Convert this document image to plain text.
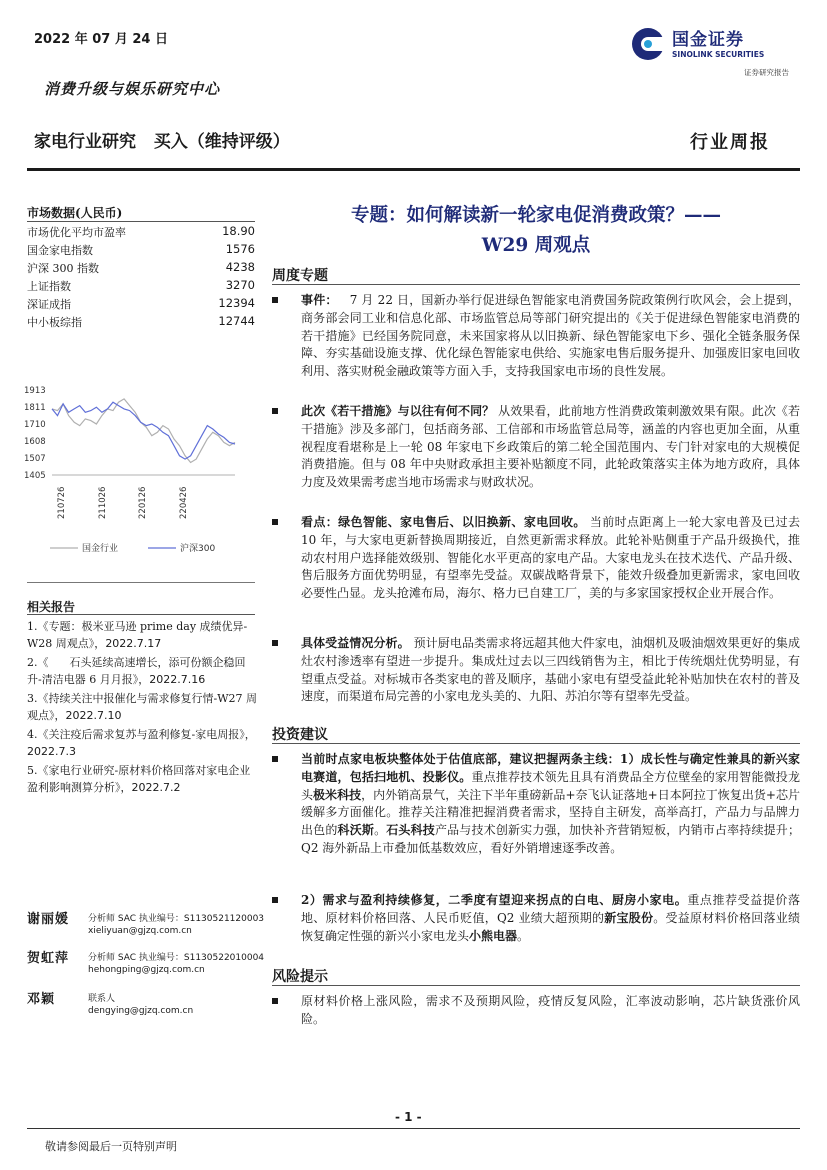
2022 年 07 月 24 日	国金证券
SINOLINK SECURITIES
证券研究报告
消费升级与娱乐研究中心
家电行业研究   买入（维持评级）	行业周报
市场数据(人民币)
市场优化平均市盈率	18.90
国金家电指数	1576
沪深 300 指数	4238
上证指数	3270
深证成指	12394
中小板综指	12744
1913
1811
1710
1608
1507
1405
210726	211026	220126	220426
国金行业	沪深300
相关报告
1.《专题：极米亚马逊 prime day 成绩优异-W28 周观点》，2022.7.17
2.《      石头延续高速增长，添可份额企稳回升-清洁电器 6 月月报》，2022.7.16
3.《持续关注中报催化与需求修复行情-W27 周观点》，2022.7.10
4.《关注疫后需求复苏与盈利修复-家电周报》，2022.7.3
5.《家电行业研究-原材料价格回落对家电企业盈利影响测算分析》，2022.7.2
谢丽媛 分析师 SAC 执业编号：S1130521120003
xieliyuan@gjzq.com.cn
贺虹萍 分析师 SAC 执业编号：S1130522010004
hehongping@gjzq.com.cn
邓颖	联系人
dengying@gjzq.com.cn
专题：如何解读新一轮家电促消费政策？——
W29 周观点
周度专题
事件： 7 月 22 日，国新办举行促进绿色智能家电消费国务院政策例行吹风会，会上提到，商务部会同工业和信息化部、市场监管总局等部门研究提出的《关于促进绿色智能家电消费的若干措施》已经国务院同意，未来国家将从以旧换新、绿色智能家电下乡、强化全链条服务保障、夯实基础设施支撑、优化绿色智能家电供给、实施家电售后服务提升、加强废旧家电回收利用、落实财税金融政策等方面入手，支持我国家电市场的良性发展。
此次《若干措施》与以往有何不同？ 从效果看，此前地方性消费政策刺激效果有限。此次《若干措施》涉及多部门，包括商务部、工信部和市场监管总局等，涵盖的内容也更加全面，从重视程度看堪称是上一轮 08 年家电下乡政策后的第二轮全国范围内、专门针对家电的大规模促消费措施。但与 08 年中央财政承担主要补贴额度不同，此轮政策落实主体为地方政府，具体力度及效果需考虑当地市场需求与财政状况。
看点：绿色智能、家电售后、以旧换新、家电回收。 当前时点距离上一轮大家电普及已过去 10 年，与大家电更新替换周期接近，自然更新需求释放。此轮补贴侧重于产品升级换代，推动农村用户选择能效级别、智能化水平更高的家电产品。大家电龙头在技术迭代、产品升级、售后服务方面优势明显，有望率先受益。双碳战略背景下，能效升级叠加更新需求，家电回收必要性凸显。龙头抢滩布局，海尔、格力已自建工厂，美的与多家国家授权企业开展合作。
具体受益情况分析。 预计厨电品类需求将远超其他大件家电，油烟机及吸油烟效果更好的集成灶农村渗透率有望进一步提升。集成灶过去以三四线销售为主，相比于传统烟灶优势明显，有望重点受益。对标城市各类家电的普及顺序，基础小家电有望受益此轮补贴加快在农村的普及速度，而渠道布局完善的小家电龙头美的、九阳、苏泊尔等有望率先受益。
投资建议
当前时点家电板块整体处于估值底部，建议把握两条主线：1）成长性与确定性兼具的新兴家电赛道，包括扫地机、投影仪。重点推荐技术领先且具有消费品全方位壁垒的家用智能微投龙头极米科技，内外销高景气，关注下半年重磅新品+奈飞认证落地+日本阿拉丁恢复出货+芯片缓解多方面催化。推荐关注精准把握消费者需求，坚持自主研发，高举高打，产品力与品牌力出色的科沃斯。石头科技产品与技术创新实力强，加快补齐营销短板，内销市占率持续提升；Q2 海外新品上市叠加低基数效应，看好外销增速逐季改善。
2）需求与盈利持续修复，二季度有望迎来拐点的白电、厨房小家电。重点推荐受益提价落地、原材料价格回落、人民币贬值，Q2 业绩大超预期的新宝股份。受益原材料价格回落业绩恢复确定性强的新兴小家电龙头小熊电器。
风险提示
原材料价格上涨风险，需求不及预期风险，疫情反复风险，汇率波动影响，芯片缺货涨价风险。
- 1 -
敬请参阅最后一页特别声明
